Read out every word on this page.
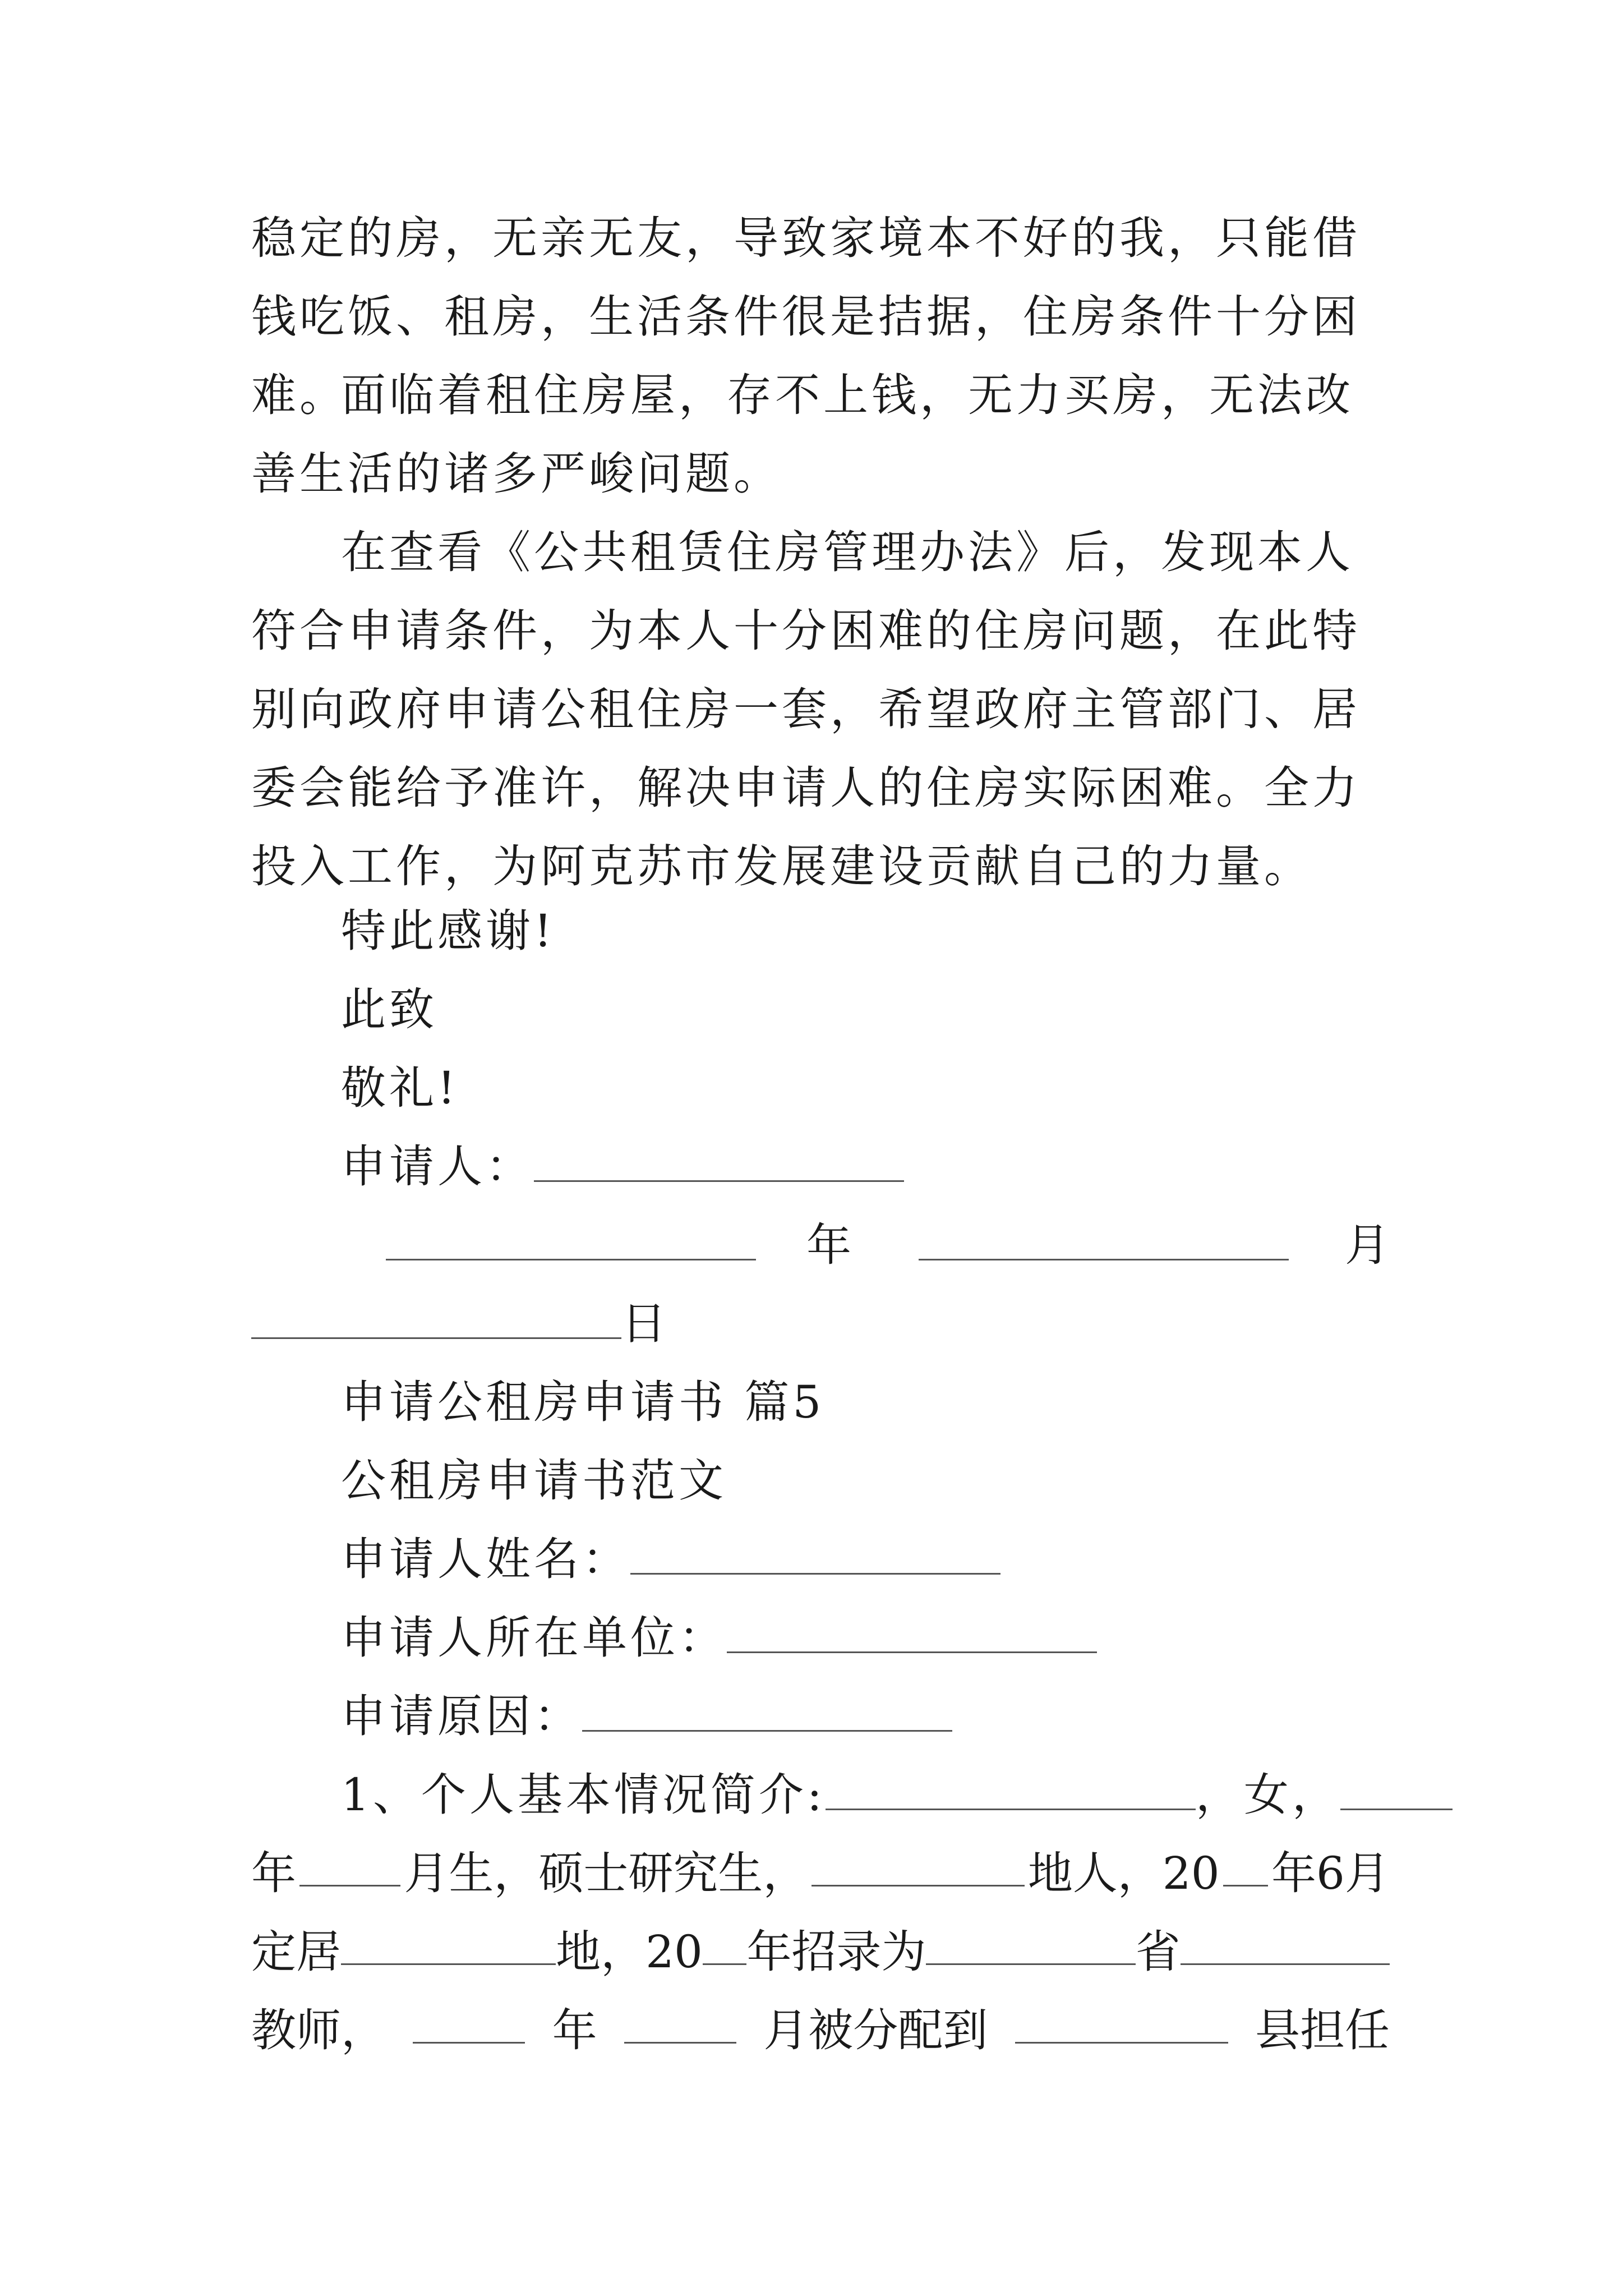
稳定的房，无亲无友，导致家境本不好的我，只能借钱吃饭、租房，生活条件很是拮据，住房条件十分困难。

面临着租住房屋，存不上钱，无力买房，无法改善生活的诸多严峻问题。

在查看《公共租赁住房管理办法》后，发现本人符合申请条件，为本人十分困难的住房问题，在此特别向政府申请公租住房一套，希望政府主管部门、居委会能给予准许，解决申请人的住房实际困难。全力投入工作，为阿克苏市发展建设贡献自己的力量。

特此感谢!
此致
敬礼!
申请人：
年	月
日
申请公租房申请书 篇5
公租房申请书范文
申请人姓名：
申请人所在单位：
申请原因：
1、个人基本情况简介:	，女，
年 月生，硕士研究生，	地人，20 年6月
定居	地，20 年招录为	省
教师，	年	月被分配到	县担任
